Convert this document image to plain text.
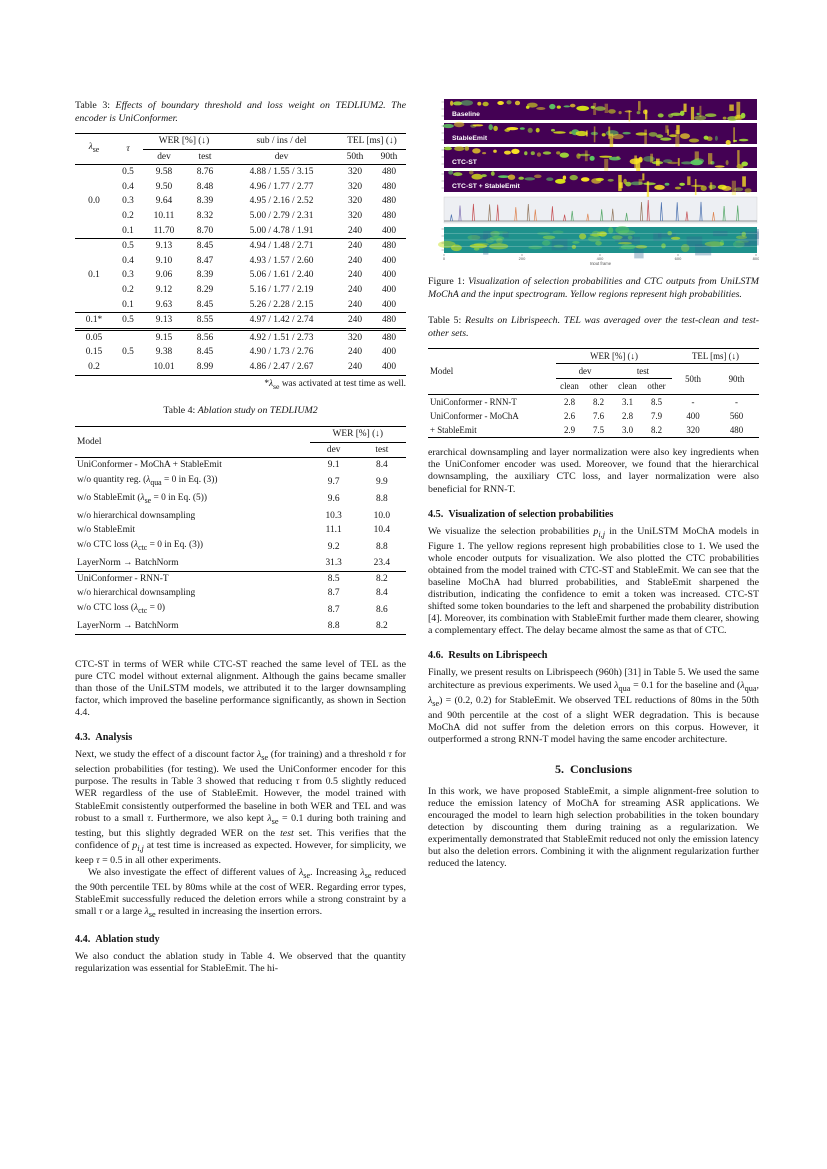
Table 3: Effects of boundary threshold and loss weight on TEDLIUM2. The encoder is UniConformer.
$\lambda_{se}$	τ	WER [%] (↓)		sub / ins / del	TEL [ms] (↓)	
		dev	test	dev	50th	90th
	0.5	9.58	8.76	4.88 / 1.55 / 3.15	320	480
	0.4	9.50	8.48	4.96 / 1.77 / 2.77	320	480
0.0	0.3	9.64	8.39	4.95 / 2.16 / 2.52	320	480
	0.2	10.11	8.32	5.00 / 2.79 / 2.31	320	480
	0.1	11.70	8.70	5.00 / 4.78 / 1.91	240	400
	0.5	9.13	8.45	4.94 / 1.48 / 2.71	240	480
	0.4	9.10	8.47	4.93 / 1.57 / 2.60	240	400
0.1	0.3	9.06	8.39	5.06 / 1.61 / 2.40	240	400
	0.2	9.12	8.29	5.16 / 1.77 / 2.19	240	400
	0.1	9.63	8.45	5.26 / 2.28 / 2.15	240	400
0.1*	0.5	9.13	8.55	4.97 / 1.42 / 2.74	240	480
0.05		9.15	8.56	4.92 / 1.51 / 2.73	320	480
0.15	0.5	9.38	8.45	4.90 / 1.73 / 2.76	240	400
0.2		10.01	8.99	4.86 / 2.47 / 2.67	240	400
$*\lambda_{se}$ was activated at test time as well.
Table 4: Ablation study on TEDLIUM2
Model	WER [%] (↓)	
	dev	test
UniConformer - MoChA + StableEmit	9.1	8.4
w/o quantity reg. ($\lambda_{qua} = 0$ in Eq. (3))	9.7	9.9
w/o StableEmit ($\lambda_{se} = 0$ in Eq. (5))	9.6	8.8
w/o hierarchical downsampling	10.3	10.0
w/o StableEmit	11.1	10.4
w/o CTC loss ($\lambda_{ctc} = 0$ in Eq. (3))	9.2	8.8
LayerNorm → BatchNorm	31.3	23.4
UniConformer - RNN-T	8.5	8.2
w/o hierarchical downsampling	8.7	8.4
w/o CTC loss $(\lambda_{ctc} = 0)$	8.7	8.6
LayerNorm → BatchNorm	8.8	8.2

CTC-ST in terms of WER while CTC-ST reached the same level of TEL as the pure CTC model without external alignment. Although the gains became smaller than those of the UniLSTM models, we attributed it to the larger downsampling factor, which improved the baseline performance significantly, as shown in Section 4.4.

4.3.  Analysis

Next, we study the effect of a discount factor $\lambda_{se}$ (for training) and a threshold τ for selection probabilities (for testing). We used the UniConformer encoder for this purpose. The results in Table 3 showed that reducing τ from 0.5 slightly reduced WER regardless of the use of StableEmit. However, the model trained with StableEmit consistently outperformed the baseline in both WER and TEL and was robust to a small τ. Furthermore, we also kept $\lambda_{se} = 0.1$ during both training and testing, but this slightly degraded WER on the test set. This verifies that the confidence of $p_{i,j}$ at test time is increased as expected. However, for simplicity, we keep τ = 0.5 in all other experiments.

We also investigate the effect of different values of $\lambda_{se}$. Increasing $\lambda_{se}$ reduced the 90th percentile TEL by 80ms while at the cost of WER. Regarding error types, StableEmit successfully reduced the deletion errors while a strong constraint by a small τ or a large $\lambda_{se}$ resulted in increasing the insertion errors.

4.4.  Ablation study

We also conduct the ablation study in Table 4. We observed that the quantity regularization was essential for StableEmit. The hi-

Baseline
StableEmit
CTC-ST
CTC-ST + StableEmit
0	200	400	600	800
Input frame
Figure 1: Visualization of selection probabilities and CTC outputs from UniLSTM MoChA and the input spectrogram. Yellow regions represent high probabilities.
Table 5: Results on Librispeech. TEL was averaged over the test-clean and test-other sets.
Model	WER [%] (↓)				TEL [ms] (↓)	
	dev		test		50th	90th
	clean	other	clean	other		
UniConformer - RNN-T	2.8	8.2	3.1	8.5	-	-
UniConformer - MoChA	2.6	7.6	2.8	7.9	400	560
+ StableEmit	2.9	7.5	3.0	8.2	320	480

erarchical downsampling and layer normalization were also key ingredients when the UniConfomer encoder was used. Moreover, we found that the hierarchical downsampling, the auxiliary CTC loss, and layer normalization were also beneficial for RNN-T.

4.5.  Visualization of selection probabilities

We visualize the selection probabilities $p_{i,j}$ in the UniLSTM MoChA models in Figure 1. The yellow regions represent high probabilities close to 1. We used the whole encoder outputs for visualization. We also plotted the CTC probabilities obtained from the model trained with CTC-ST and StableEmit. We can see that the baseline MoChA had blurred probabilities, and StableEmit sharpened the distribution, indicating the confidence to emit a token was increased. CTC-ST shifted some token boundaries to the left and sharpened the probability distribution [4]. Moreover, its combination with StableEmit further made them clearer, showing a complementary effect. The delay became almost the same as that of CTC.

4.6.  Results on Librispeech

Finally, we present results on Librispeech (960h) [31] in Table 5. We used the same architecture as previous experiments. We used $\lambda_{qua} = 0.1$ for the baseline and ($\lambda_{qua}$, $\lambda_{se}) = (0.2$, 0.2) for StableEmit. We observed TEL reductions of 80ms in the 50th and 90th percentile at the cost of a slight WER degradation. This is because MoChA did not suffer from the deletion errors on this corpus. However, it outperformed a strong RNN-T model having the same encoder architecture.

5.  Conclusions

In this work, we have proposed StableEmit, a simple alignment-free solution to reduce the emission latency of MoChA for streaming ASR applications. We encouraged the model to learn high selection probabilities in the token boundary detection by discounting them during training as a regularization. We experimentally demonstrated that StableEmit reduced not only the emission latency but also the deletion errors. Combining it with the alignment regularization further reduced the latency.
